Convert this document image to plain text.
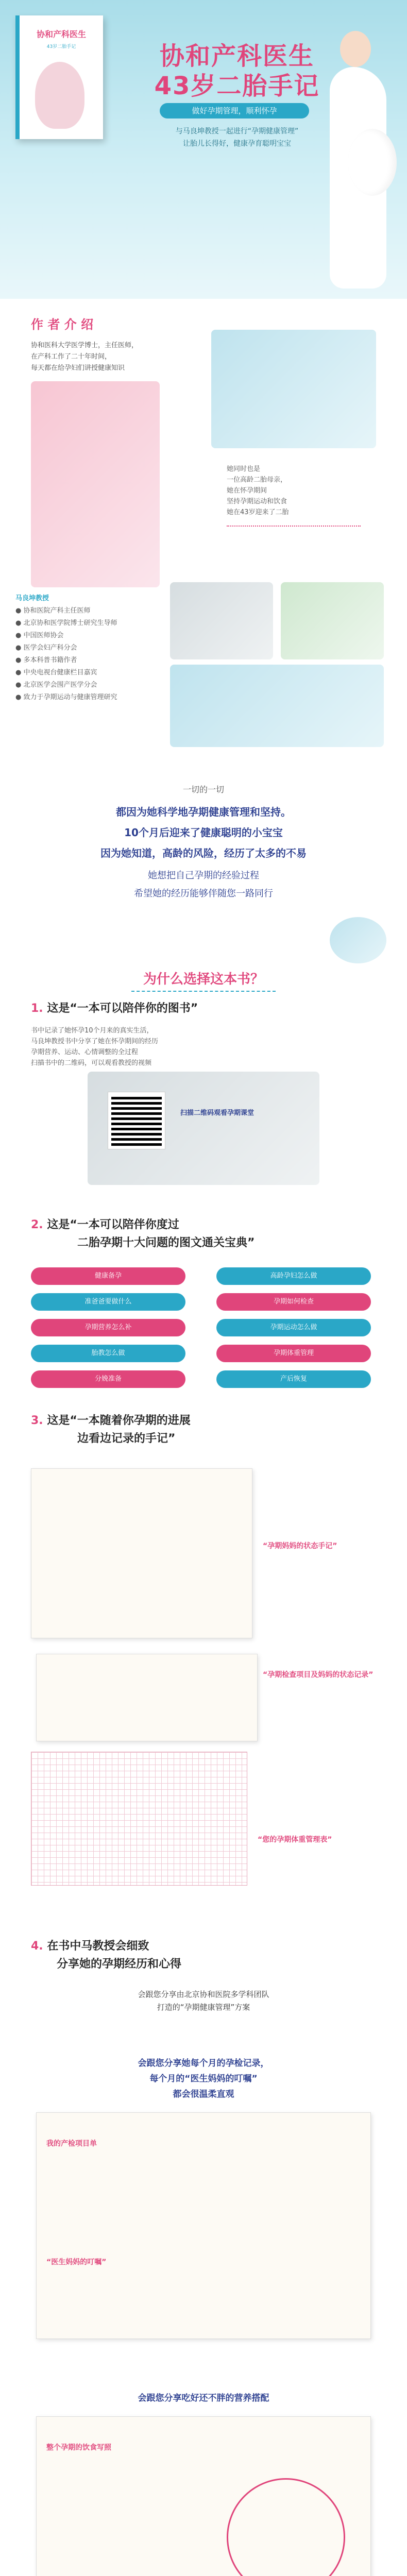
协和产科医生
43岁二胎手记	协和产科医生
43岁二胎手记
做好孕期管理，顺利怀孕
与马良坤教授一起进行“孕期健康管理”
让胎儿长得好，健康孕育聪明宝宝
作 者 介 绍
协和医科大学医学博士，主任医师，
在产科工作了二十年时间，
每天都在给孕妇们讲授健康知识
她同时也是
一位高龄二胎母亲，
她在怀孕期间
坚持孕期运动和饮食
她在43岁迎来了二胎
马良坤教授
● 协和医院产科主任医师
● 北京协和医学院博士研究生导师
● 中国医师协会
● 医学会妇产科分会
● 多本科普书籍作者
● 中央电视台健康栏目嘉宾
● 北京医学会围产医学分会
● 致力于孕期运动与健康管理研究
一切的一切
都因为她科学地孕期健康管理和坚持。
10个月后迎来了健康聪明的小宝宝
因为她知道，高龄的风险，经历了太多的不易
她想把自己孕期的经验过程
希望她的经历能够伴随您一路同行
为什么选择这本书？
1. 这是“一本可以陪伴你的图书”
书中记录了她怀孕10个月来的真实生活，
马良坤教授书中分享了她在怀孕期间的经历
孕期营养、运动、心情调整的全过程
扫描书中的二维码，可以观看教授的视频
扫描二维码观看孕期课堂
2. 这是“一本可以陪伴你度过
二胎孕期十大问题的图文通关宝典”
健康备孕	高龄孕妇怎么做
准爸爸要做什么	孕期如何检查
孕期营养怎么补	孕期运动怎么做
胎教怎么做	孕期体重管理
分娩准备	产后恢复
3. 这是“一本随着你孕期的进展
边看边记录的手记”
“孕期妈妈的状态手记”
“孕期检查项目及妈妈的状态记录”
“您的孕期体重管理表”
4. 在书中马教授会细致
分享她的孕期经历和心得
会跟您分享由北京协和医院多学科团队
打造的“孕期健康管理”方案
会跟您分享她每个月的孕检记录，
每个月的“医生妈妈的叮嘱”
都会很温柔直观
我的产检项目单
“医生妈妈的叮嘱”
会跟您分享吃好还不胖的营养搭配
整个孕期的饮食写照
